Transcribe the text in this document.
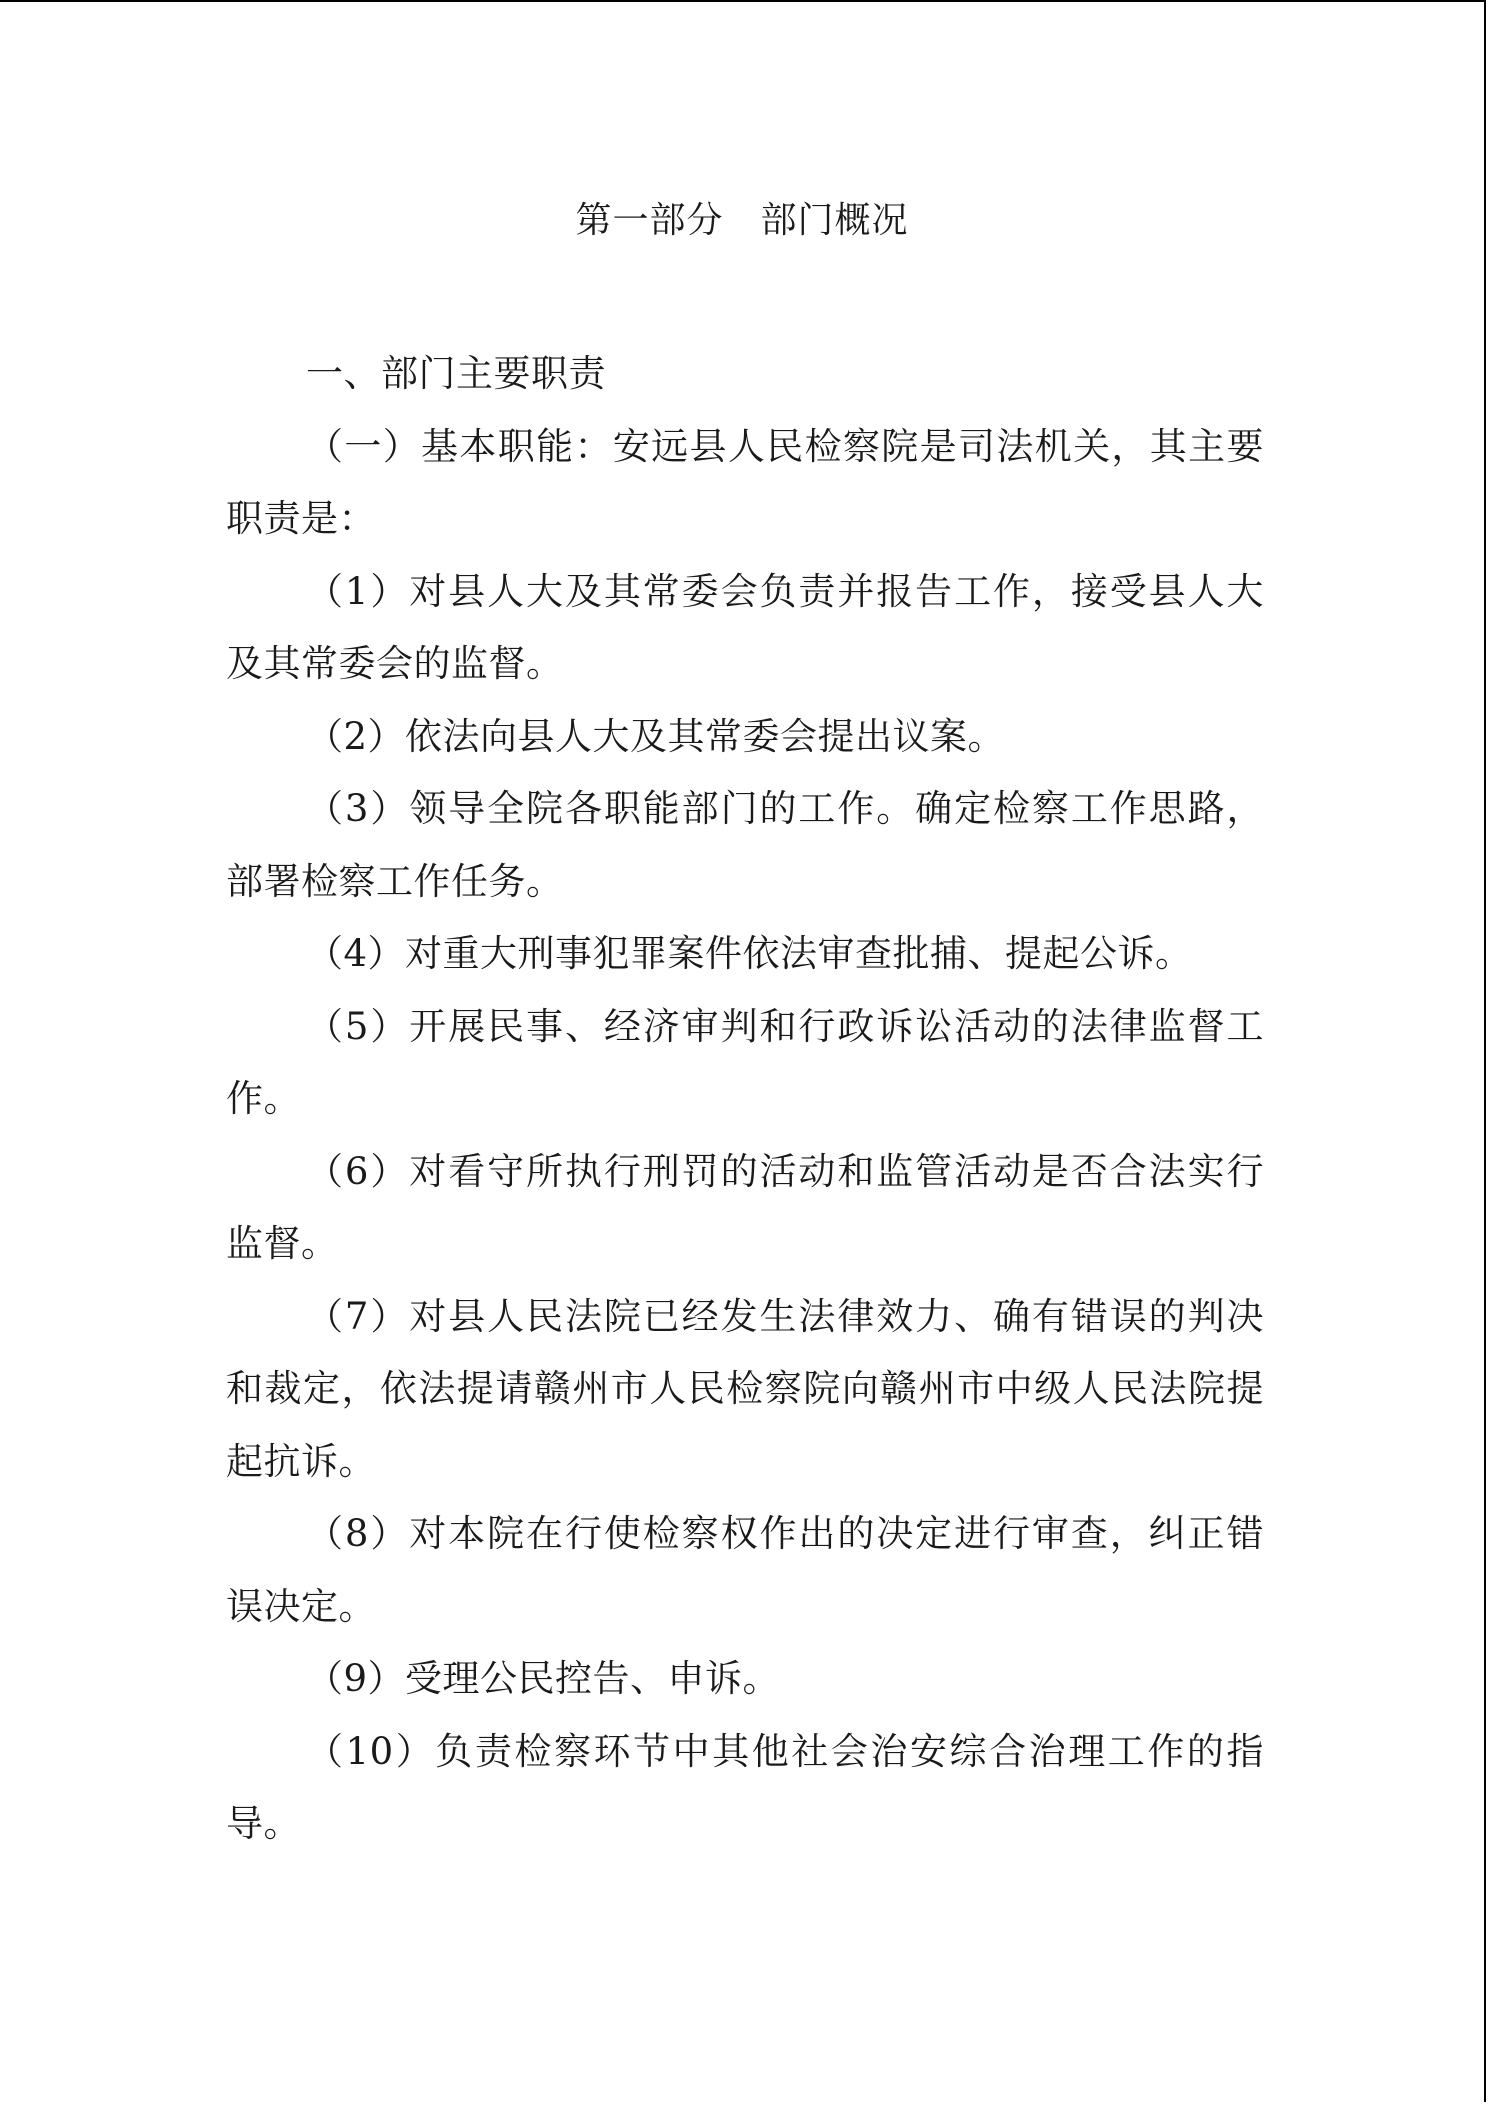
第一部分　部门概况

一、部门主要职责

（一）基本职能：安远县人民检察院是司法机关，其主要职责是：

（1）对县人大及其常委会负责并报告工作，接受县人大及其常委会的监督。

（2）依法向县人大及其常委会提出议案。

（3）领导全院各职能部门的工作。确定检察工作思路，部署检察工作任务。

（4）对重大刑事犯罪案件依法审查批捕、提起公诉。

（5）开展民事、经济审判和行政诉讼活动的法律监督工作。

（6）对看守所执行刑罚的活动和监管活动是否合法实行监督。

（7）对县人民法院已经发生法律效力、确有错误的判决和裁定，依法提请赣州市人民检察院向赣州市中级人民法院提起抗诉。

（8）对本院在行使检察权作出的决定进行审查，纠正错误决定。

（9）受理公民控告、申诉。

（10）负责检察环节中其他社会治安综合治理工作的指导。
